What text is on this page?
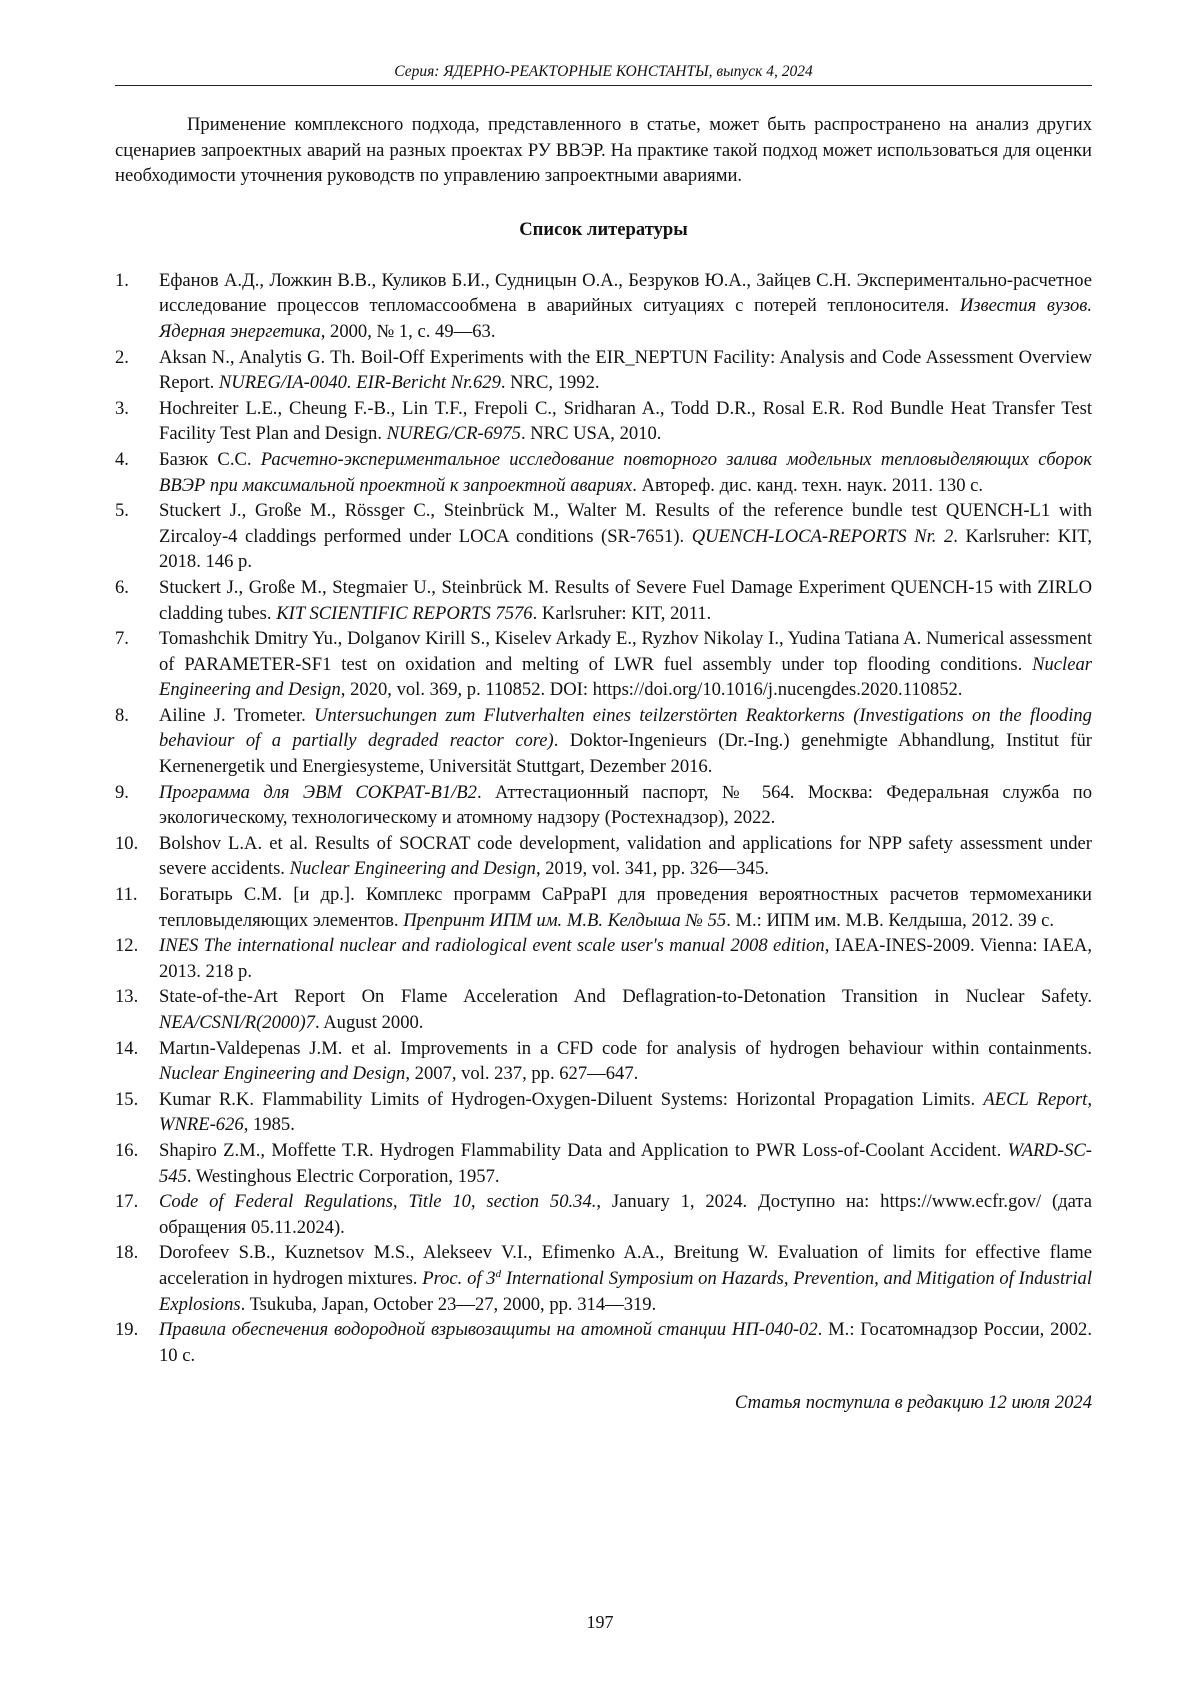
Серия: ЯДЕРНО-РЕАКТОРНЫЕ КОНСТАНТЫ, выпуск 4, 2024

Применение комплексного подхода, представленного в статье, может быть распространено на анализ других сценариев запроектных аварий на разных проектах РУ ВВЭР. На практике такой подход может использоваться для оценки необходимости уточнения руководств по управлению запроектными авариями.

Список литературы
1. Ефанов А.Д., Ложкин В.В., Куликов Б.И., Судницын О.А., Безруков Ю.А., Зайцев С.Н. Экспериментально-расчетное исследование процессов тепломассообмена в аварийных ситуациях с потерей теплоносителя. Известия вузов. Ядерная энергетика, 2000, № 1, с. 49—63.
2. Aksan N., Analytis G. Th. Boil-Off Experiments with the EIR_NEPTUN Facility: Analysis and Code Assessment Overview Report. NUREG/IA-0040. EIR-Bericht Nr.629. NRC, 1992.
3. Hochreiter L.E., Cheung F.-B., Lin T.F., Frepoli C., Sridharan A., Todd D.R., Rosal E.R. Rod Bundle Heat Transfer Test Facility Test Plan and Design. NUREG/CR-6975. NRC USA, 2010.
4. Базюк С.С. Расчетно-экспериментальное исследование повторного залива модельных тепловыделяющих сборок ВВЭР при максимальной проектной к запроектной авариях. Автореф. дис. канд. техн. наук. 2011. 130 с.
5. Stuckert J., Große M., Rössger C., Steinbrück M., Walter M. Results of the reference bundle test QUENCH-L1 with Zircaloy-4 claddings performed under LOCA conditions (SR-7651). QUENCH-LOCA-REPORTS Nr. 2. Karlsruher: KIT, 2018. 146 p.
6. Stuckert J., Große M., Stegmaier U., Steinbrück M. Results of Severe Fuel Damage Experiment QUENCH-15 with ZIRLO cladding tubes. KIT SCIENTIFIC REPORTS 7576. Karlsruher: KIT, 2011.
7. Tomashchik Dmitry Yu., Dolganov Kirill S., Kiselev Arkady E., Ryzhov Nikolay I., Yudina Tatiana A. Numerical assessment of PARAMETER-SF1 test on oxidation and melting of LWR fuel assembly under top flooding conditions. Nuclear Engineering and Design, 2020, vol. 369, p. 110852. DOI: https://doi.org/10.1016/j.nucengdes.2020.110852.
8. Ailine J. Trometer. Untersuchungen zum Flutverhalten eines teilzerstörten Reaktorkerns (Investigations on the flooding behaviour of a partially degraded reactor core). Doktor-Ingenieurs (Dr.-Ing.) genehmigte Abhandlung, Institut für Kernenergetik und Energiesysteme, Universität Stuttgart, Dezember 2016.
9. Программа для ЭВМ СОКРАТ-В1/В2. Аттестационный паспорт, № 564. Москва: Федеральная служба по экологическому, технологическому и атомному надзору (Ростехнадзор), 2022.
10. Bolshov L.A. et al. Results of SOCRAT code development, validation and applications for NPP safety assessment under severe accidents. Nuclear Engineering and Design, 2019, vol. 341, pp. 326—345.
11. Богатырь С.М. [и др.]. Комплекс программ CaPpaPI для проведения вероятностных расчетов термомеханики тепловыделяющих элементов. Препринт ИПМ им. М.В. Келдыша № 55. М.: ИПМ им. М.В. Келдыша, 2012. 39 с.
12. INES The international nuclear and radiological event scale user's manual 2008 edition, IAEA-INES-2009. Vienna: IAEA, 2013. 218 p.
13. State-of-the-Art Report On Flame Acceleration And Deflagration-to-Detonation Transition in Nuclear Safety. NEA/CSNI/R(2000)7. August 2000.
14. Martın-Valdepenas J.M. et al. Improvements in a CFD code for analysis of hydrogen behaviour within containments. Nuclear Engineering and Design, 2007, vol. 237, pp. 627—647.
15. Kumar R.K. Flammability Limits of Hydrogen-Oxygen-Diluent Systems: Horizontal Propagation Limits. AECL Report, WNRE-626, 1985.
16. Shapiro Z.M., Moffette T.R. Hydrogen Flammability Data and Application to PWR Loss-of-Coolant Accident. WARD-SC-545. Westinghous Electric Corporation, 1957.
17. Code of Federal Regulations, Title 10, section 50.34., January 1, 2024. Доступно на: https://www.ecfr.gov/ (дата обращения 05.11.2024).
18. Dorofeev S.B., Kuznetsov M.S., Alekseev V.I., Efimenko A.A., Breitung W. Evaluation of limits for effective flame acceleration in hydrogen mixtures. Proc. of 3$^d$ International Symposium on Hazards, Prevention, and Mitigation of Industrial Explosions. Tsukuba, Japan, October 23—27, 2000, pp. 314—319.
19. Правила обеспечения водородной взрывозащиты на атомной станции НП-040-02. М.: Госатомнадзор России, 2002. 10 с.
Статья поступила в редакцию 12 июля 2024
197
